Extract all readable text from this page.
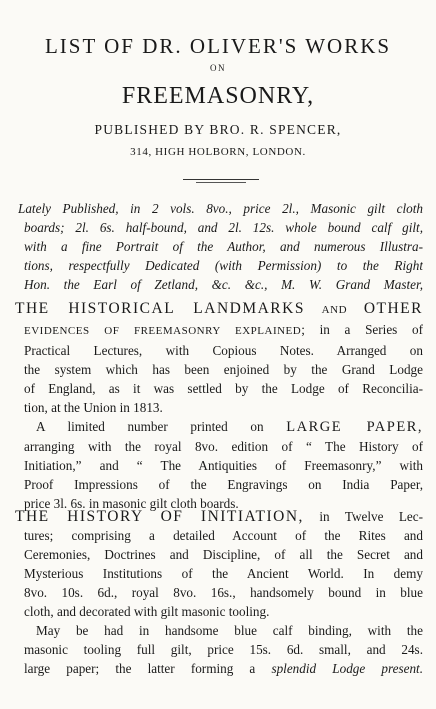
LIST OF DR. OLIVER'S WORKS
ON
FREEMASONRY,
PUBLISHED BY BRO. R. SPENCER,
314, HIGH HOLBORN, LONDON.
Lately Published, in 2 vols. 8vo., price 2l., Masonic gilt cloth
boards; 2l. 6s. half-bound, and 2l. 12s. whole bound calf gilt,
with a fine Portrait of the Author, and numerous Illustra-
tions, respectfully Dedicated (with Permission) to the Right
Hon. the Earl of Zetland, &c. &c., M. W. Grand Master,
THE HISTORICAL LANDMARKS AND OTHER
EVIDENCES OF FREEMASONRY EXPLAINED; in a Series of
Practical Lectures, with Copious Notes. Arranged on
the system which has been enjoined by the Grand Lodge
of England, as it was settled by the Lodge of Reconcilia-
tion, at the Union in 1813.
A limited number printed on LARGE PAPER,
arranging with the royal 8vo. edition of “ The History of
Initiation,” and “ The Antiquities of Freemasonry,” with
Proof Impressions of the Engravings on India Paper,
price 3l. 6s. in masonic gilt cloth boards.
THE HISTORY OF INITIATION, in Twelve Lec-
tures; comprising a detailed Account of the Rites and
Ceremonies, Doctrines and Discipline, of all the Secret and
Mysterious Institutions of the Ancient World. In demy
8vo. 10s. 6d., royal 8vo. 16s., handsomely bound in blue
cloth, and decorated with gilt masonic tooling.
May be had in handsome blue calf binding, with the
masonic tooling full gilt, price 15s. 6d. small, and 24s.
large paper; the latter forming a splendid Lodge present.
